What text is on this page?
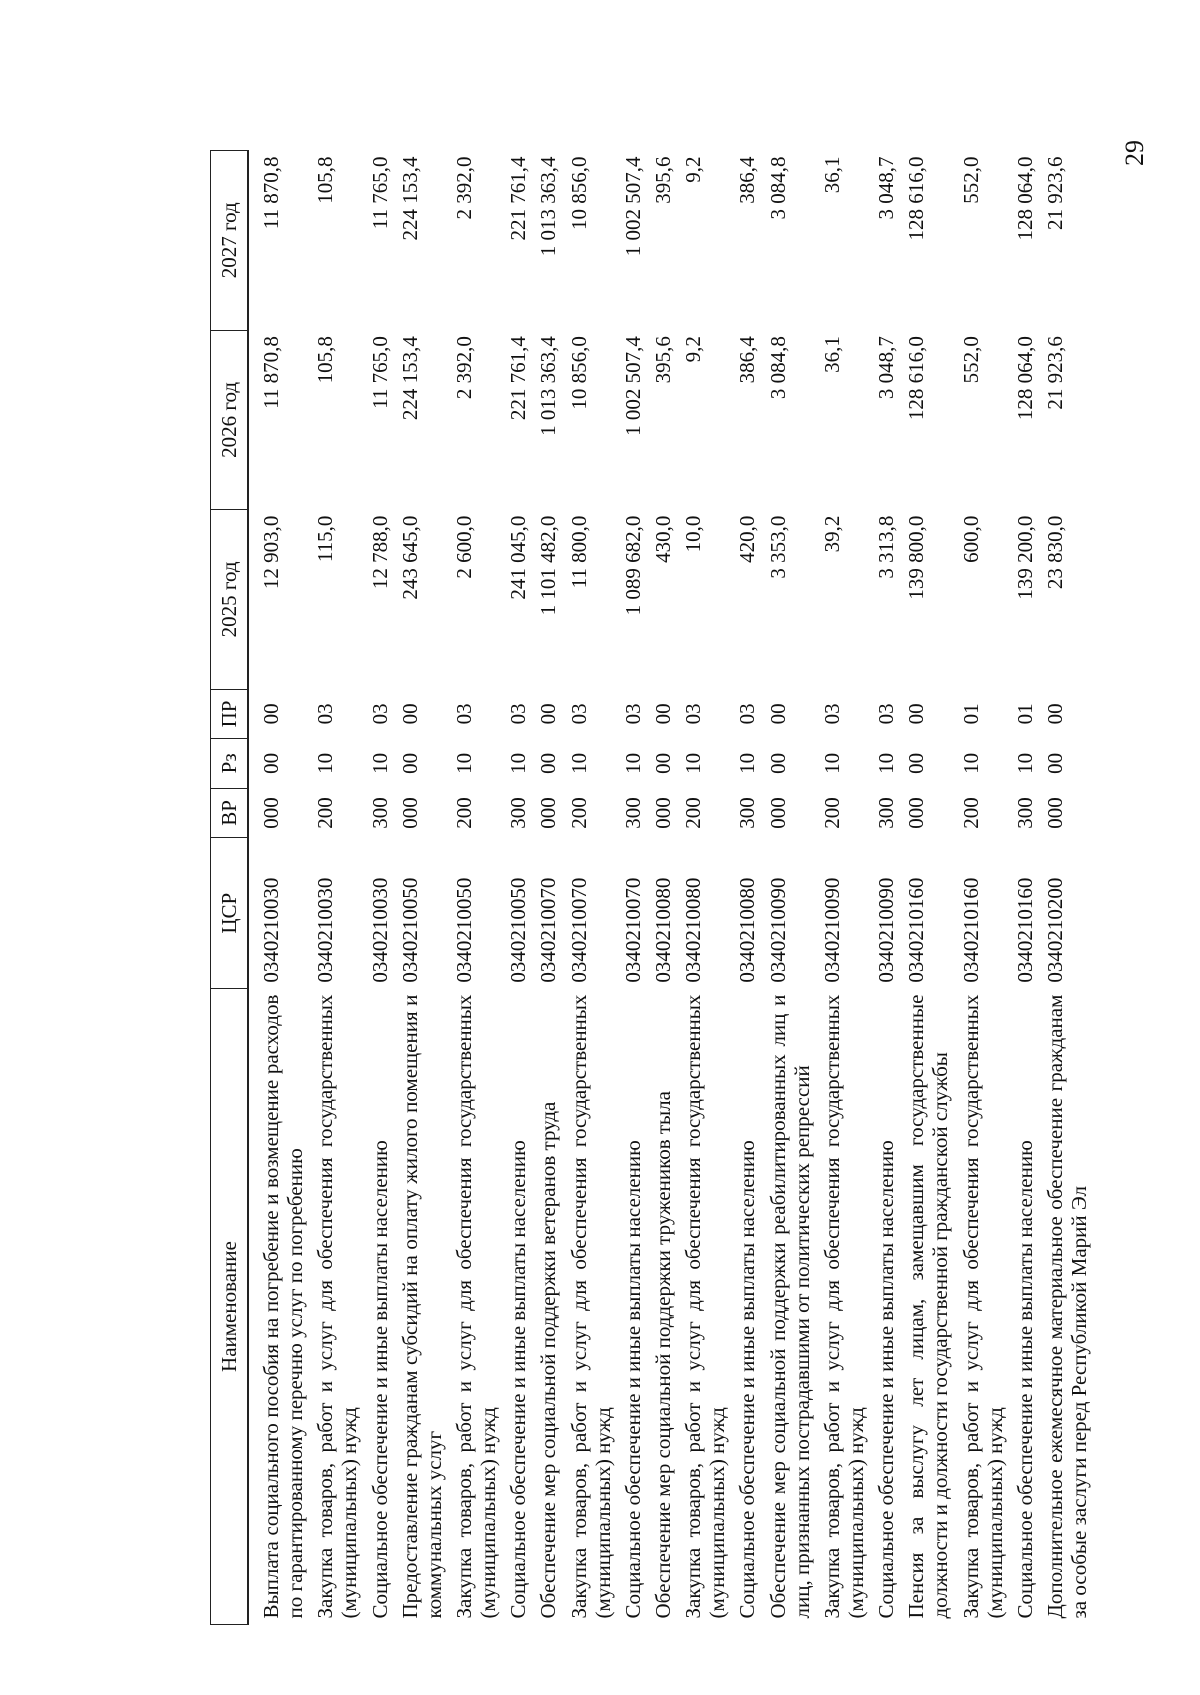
29
Наименование	ЦСР	ВР	Рз	ПР	2025 год	2026 год	2027 год
Выплата социального пособия на погребение и возмещение расходов по гарантированному перечню услуг по погребению	0340210030	000	00	00	12 903,0	11 870,8	11 870,8
Закупка товаров, работ и услуг для обеспечения государственных (муниципальных) нужд	0340210030	200	10	03	115,0	105,8	105,8
Социальное обеспечение и иные выплаты населению	0340210030	300	10	03	12 788,0	11 765,0	11 765,0
Предоставление гражданам субсидий на оплату жилого помещения и коммунальных услуг	0340210050	000	00	00	243 645,0	224 153,4	224 153,4
Закупка товаров, работ и услуг для обеспечения государственных (муниципальных) нужд	0340210050	200	10	03	2 600,0	2 392,0	2 392,0
Социальное обеспечение и иные выплаты населению	0340210050	300	10	03	241 045,0	221 761,4	221 761,4
Обеспечение мер социальной поддержки ветеранов труда	0340210070	000	00	00	1 101 482,0	1 013 363,4	1 013 363,4
Закупка товаров, работ и услуг для обеспечения государственных (муниципальных) нужд	0340210070	200	10	03	11 800,0	10 856,0	10 856,0
Социальное обеспечение и иные выплаты населению	0340210070	300	10	03	1 089 682,0	1 002 507,4	1 002 507,4
Обеспечение мер социальной поддержки тружеников тыла	0340210080	000	00	00	430,0	395,6	395,6
Закупка товаров, работ и услуг для обеспечения государственных (муниципальных) нужд	0340210080	200	10	03	10,0	9,2	9,2
Социальное обеспечение и иные выплаты населению	0340210080	300	10	03	420,0	386,4	386,4
Обеспечение мер социальной поддержки реабилитированных лиц и лиц, признанных пострадавшими от политических репрессий	0340210090	000	00	00	3 353,0	3 084,8	3 084,8
Закупка товаров, работ и услуг для обеспечения государственных (муниципальных) нужд	0340210090	200	10	03	39,2	36,1	36,1
Социальное обеспечение и иные выплаты населению	0340210090	300	10	03	3 313,8	3 048,7	3 048,7
Пенсия за выслугу лет лицам, замещавшим государственные должности и должности государственной гражданской службы	0340210160	000	00	00	139 800,0	128 616,0	128 616,0
Закупка товаров, работ и услуг для обеспечения государственных (муниципальных) нужд	0340210160	200	10	01	600,0	552,0	552,0
Социальное обеспечение и иные выплаты населению	0340210160	300	10	01	139 200,0	128 064,0	128 064,0
Дополнительное ежемесячное материальное обеспечение гражданам за особые заслуги перед Республикой Марий Эл	0340210200	000	00	00	23 830,0	21 923,6	21 923,6
